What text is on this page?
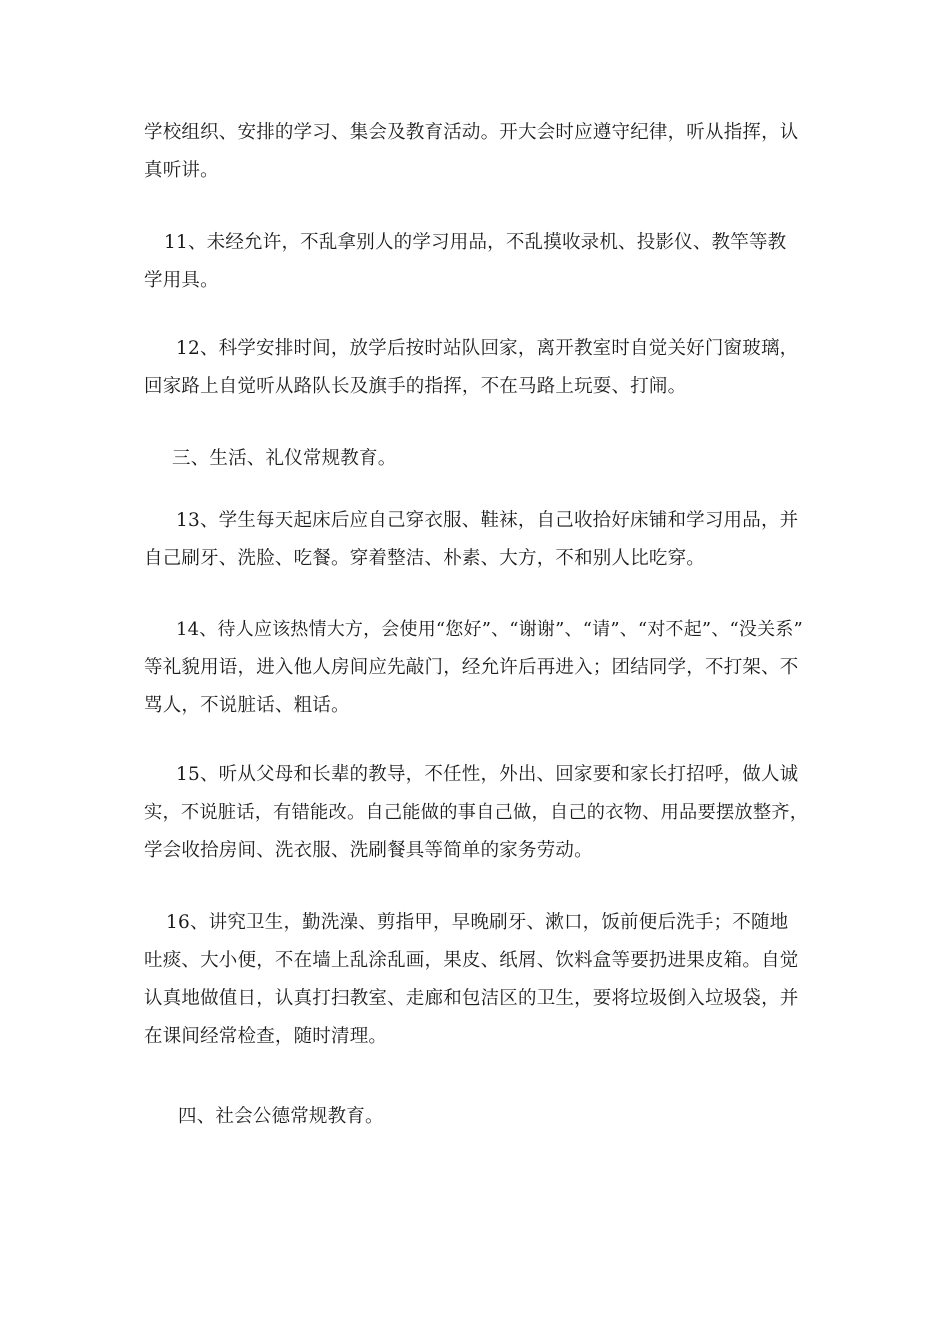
学校组织、安排的学习、集会及教育活动。开大会时应遵守纪律，听从指挥，认
真听讲。
11、未经允许，不乱拿别人的学习用品，不乱摸收录机、投影仪、教竿等教
学用具。
12、科学安排时间，放学后按时站队回家，离开教室时自觉关好门窗玻璃，
回家路上自觉听从路队长及旗手的指挥，不在马路上玩耍、打闹。
三、生活、礼仪常规教育。
13、学生每天起床后应自己穿衣服、鞋袜，自己收拾好床铺和学习用品，并
自己刷牙、洗脸、吃餐。穿着整洁、朴素、大方，不和别人比吃穿。
14、待人应该热情大方，会使用“您好”、“谢谢”、“请”、“对不起”、“没关系”
等礼貌用语，进入他人房间应先敲门，经允许后再进入；团结同学，不打架、不
骂人，不说脏话、粗话。
15、听从父母和长辈的教导，不任性，外出、回家要和家长打招呼，做人诚
实，不说脏话，有错能改。自己能做的事自己做，自己的衣物、用品要摆放整齐，
学会收拾房间、洗衣服、洗刷餐具等简单的家务劳动。
16、讲究卫生，勤洗澡、剪指甲，早晚刷牙、漱口，饭前便后洗手；不随地
吐痰、大小便，不在墙上乱涂乱画，果皮、纸屑、饮料盒等要扔进果皮箱。自觉
认真地做值日，认真打扫教室、走廊和包洁区的卫生，要将垃圾倒入垃圾袋，并
在课间经常检查，随时清理。
四、社会公德常规教育。
